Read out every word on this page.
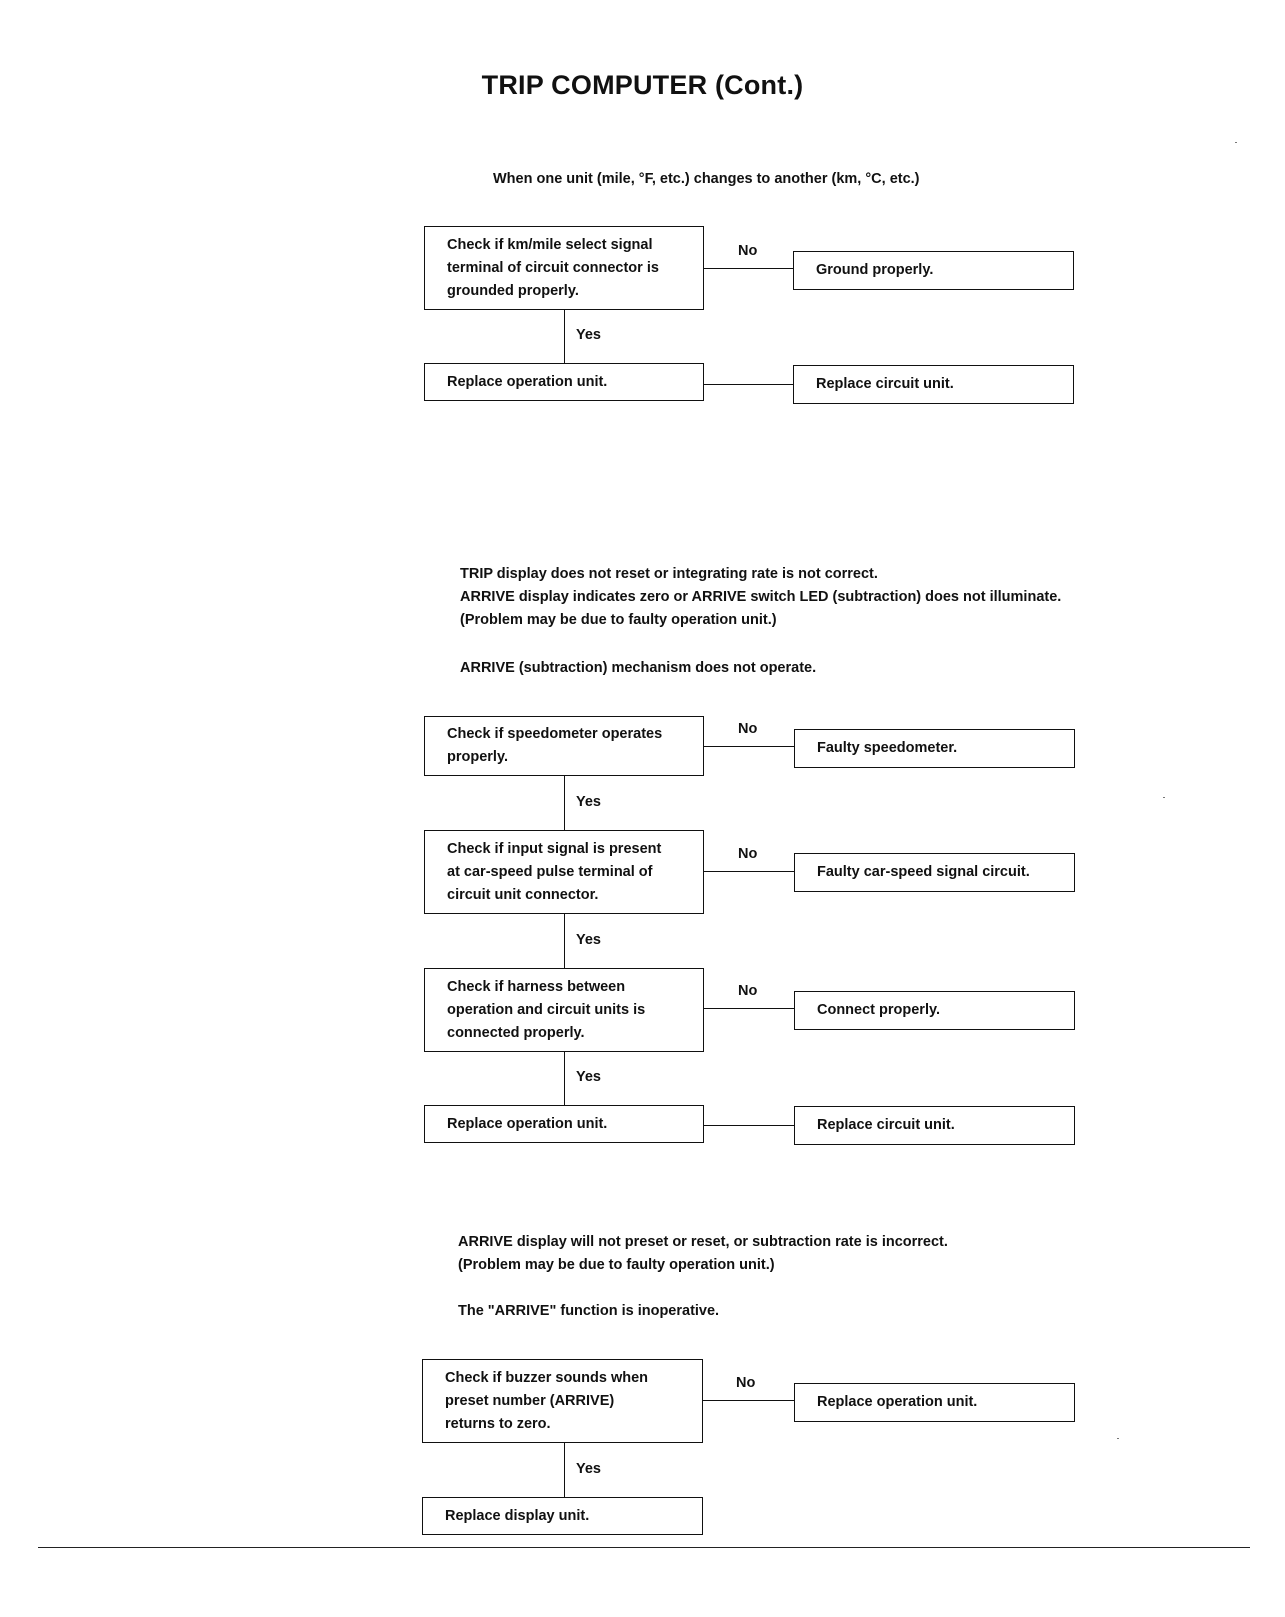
TRIP COMPUTER (Cont.)
When one unit (mile, °F, etc.) changes to another (km, °C, etc.)
Check if km/mile select signal
terminal of circuit connector is
grounded properly.
No
Ground properly.
Yes
Replace operation unit.	Replace circuit unit.
TRIP display does not reset or integrating rate is not correct.
ARRIVE display indicates zero or ARRIVE switch LED (subtraction) does not illuminate.
(Problem may be due to faulty operation unit.)
ARRIVE (subtraction) mechanism does not operate.
Check if speedometer operates
properly.
No
Faulty speedometer.
Yes
Check if input signal is present
at car-speed pulse terminal of
circuit unit connector.
No
Faulty car-speed signal circuit.
Yes
Check if harness between
operation and circuit units is
connected properly.
No
Connect properly.
Yes
Replace operation unit.	Replace circuit unit.
ARRIVE display will not preset or reset, or subtraction rate is incorrect.
(Problem may be due to faulty operation unit.)
The "ARRIVE" function is inoperative.
Check if buzzer sounds when
preset number (ARRIVE)
returns to zero.
No
Replace operation unit.
Yes
Replace display unit.
